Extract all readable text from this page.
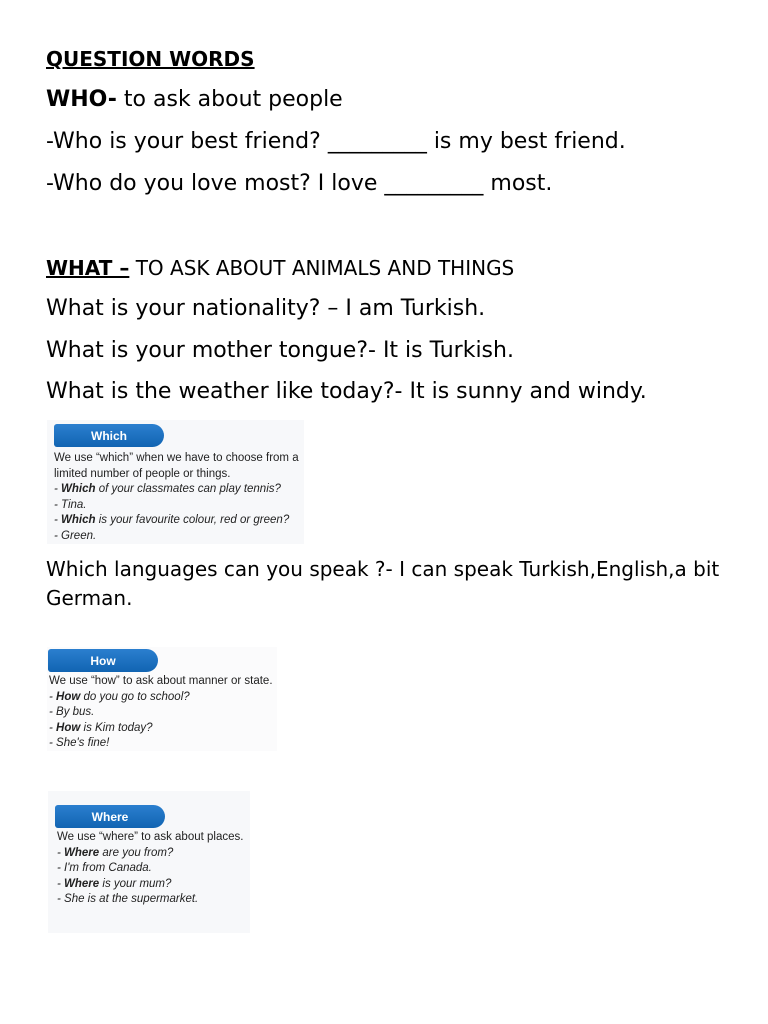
QUESTION WORDS
WHO- to ask about people
-Who is your best friend? _________ is my best friend.
-Who do you love most? I love _________ most.
WHAT – TO ASK ABOUT ANIMALS AND THINGS
What is your nationality? – I am Turkish.
What is your mother tongue?- It is Turkish.
What is the weather like today?- It is sunny and windy.
Which
We use “which” when we have to choose from a
limited number of people or things.
- Which of your classmates can play tennis?
- Tina.
- Which is your favourite colour, red or green?
- Green.
Which languages can you speak ?- I can speak Turkish,English,a bit German.
How
We use “how” to ask about manner or state.
- How do you go to school?
- By bus.
- How is Kim today?
- She's fine!
Where
We use “where” to ask about places.
- Where are you from?
- I'm from Canada.
- Where is your mum?
- She is at the supermarket.
